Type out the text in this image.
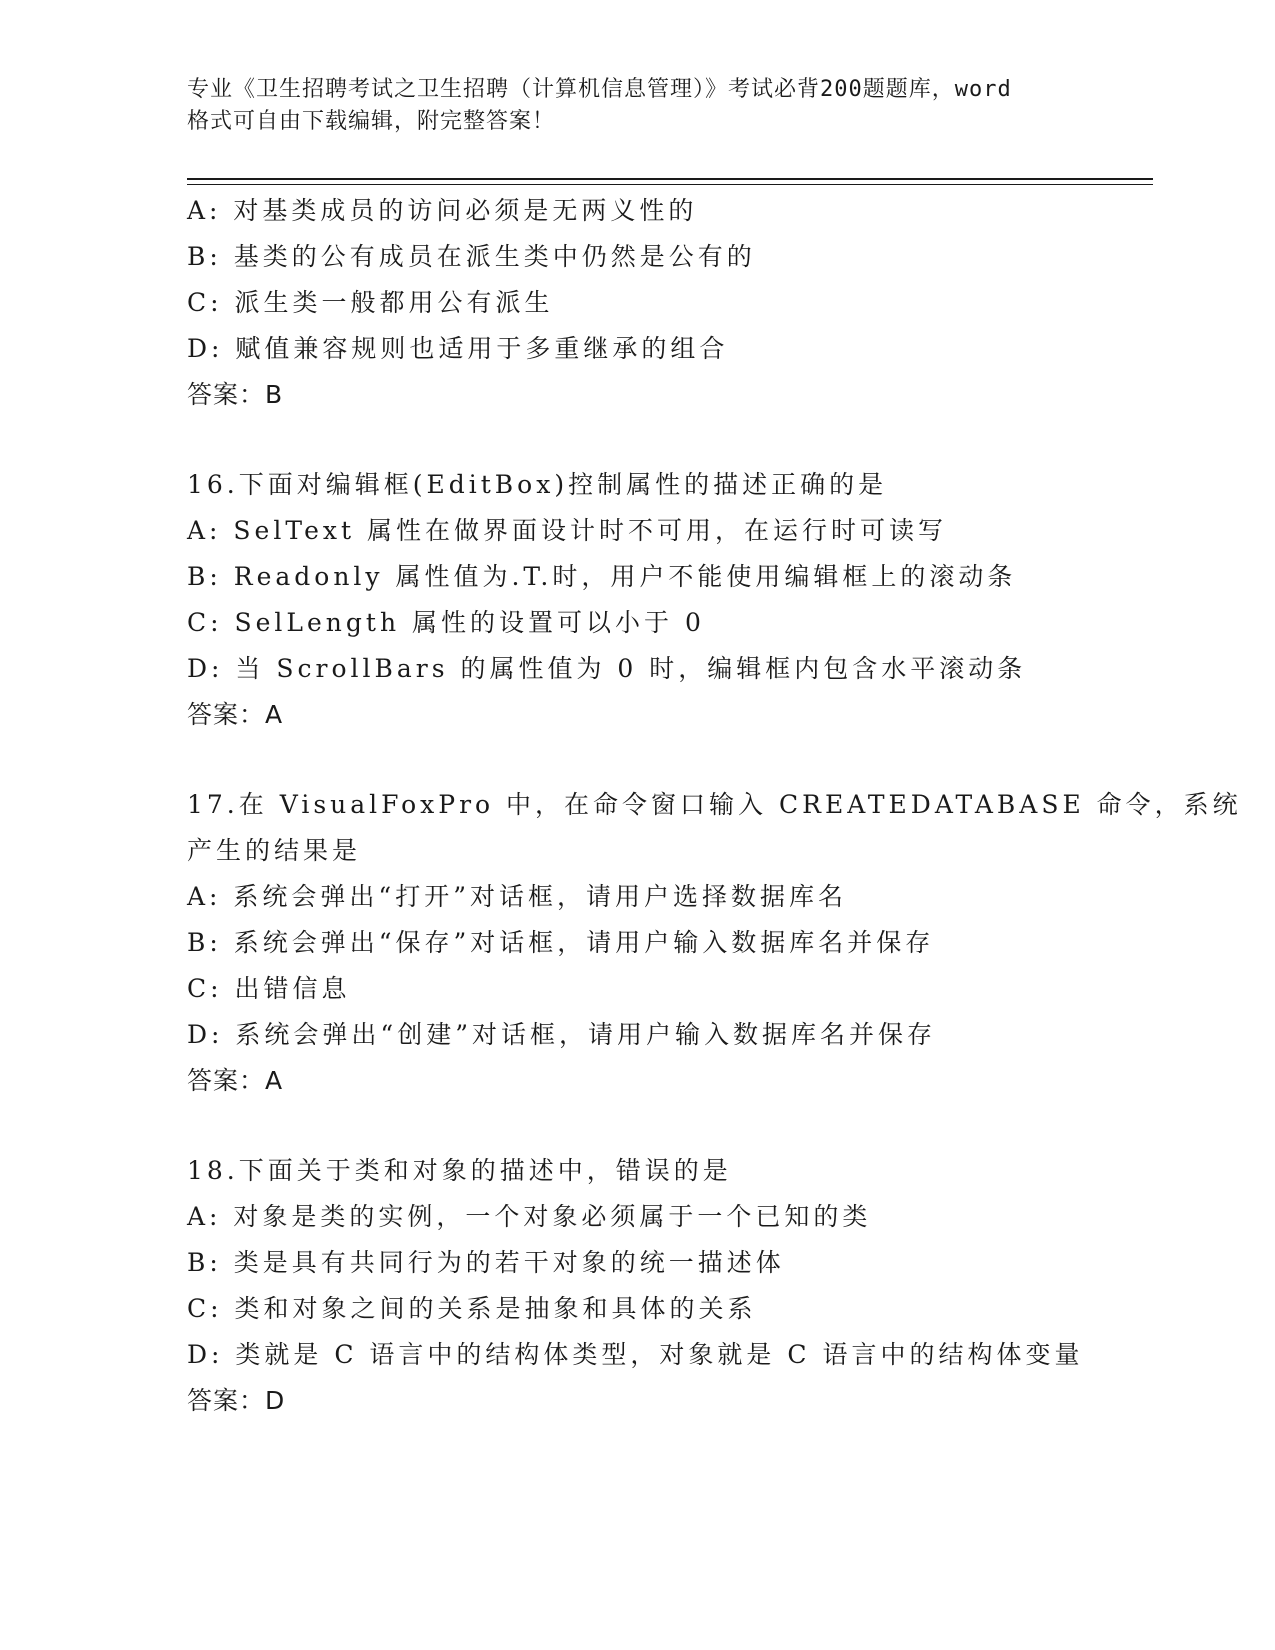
专业《卫生招聘考试之卫生招聘（计算机信息管理）》考试必背200题题库，word
格式可自由下载编辑，附完整答案！
A: 对基类成员的访问必须是无两义性的
B: 基类的公有成员在派生类中仍然是公有的
C: 派生类一般都用公有派生
D: 赋值兼容规则也适用于多重继承的组合
答案：B
16.下面对编辑框(EditBox)控制属性的描述正确的是
A: SelText 属性在做界面设计时不可用，在运行时可读写
B: Readonly 属性值为.T.时，用户不能使用编辑框上的滚动条
C: SelLength 属性的设置可以小于 0
D: 当 ScrollBars 的属性值为 0 时，编辑框内包含水平滚动条
答案：A
17.在 VisualFoxPro 中，在命令窗口输入 CREATEDATABASE 命令，系统
产生的结果是
A: 系统会弹出“打开”对话框，请用户选择数据库名
B: 系统会弹出“保存”对话框，请用户输入数据库名并保存
C: 出错信息
D: 系统会弹出“创建”对话框，请用户输入数据库名并保存
答案：A
18.下面关于类和对象的描述中，错误的是
A: 对象是类的实例，一个对象必须属于一个已知的类
B: 类是具有共同行为的若干对象的统一描述体
C: 类和对象之间的关系是抽象和具体的关系
D: 类就是 C 语言中的结构体类型，对象就是 C 语言中的结构体变量
答案：D
